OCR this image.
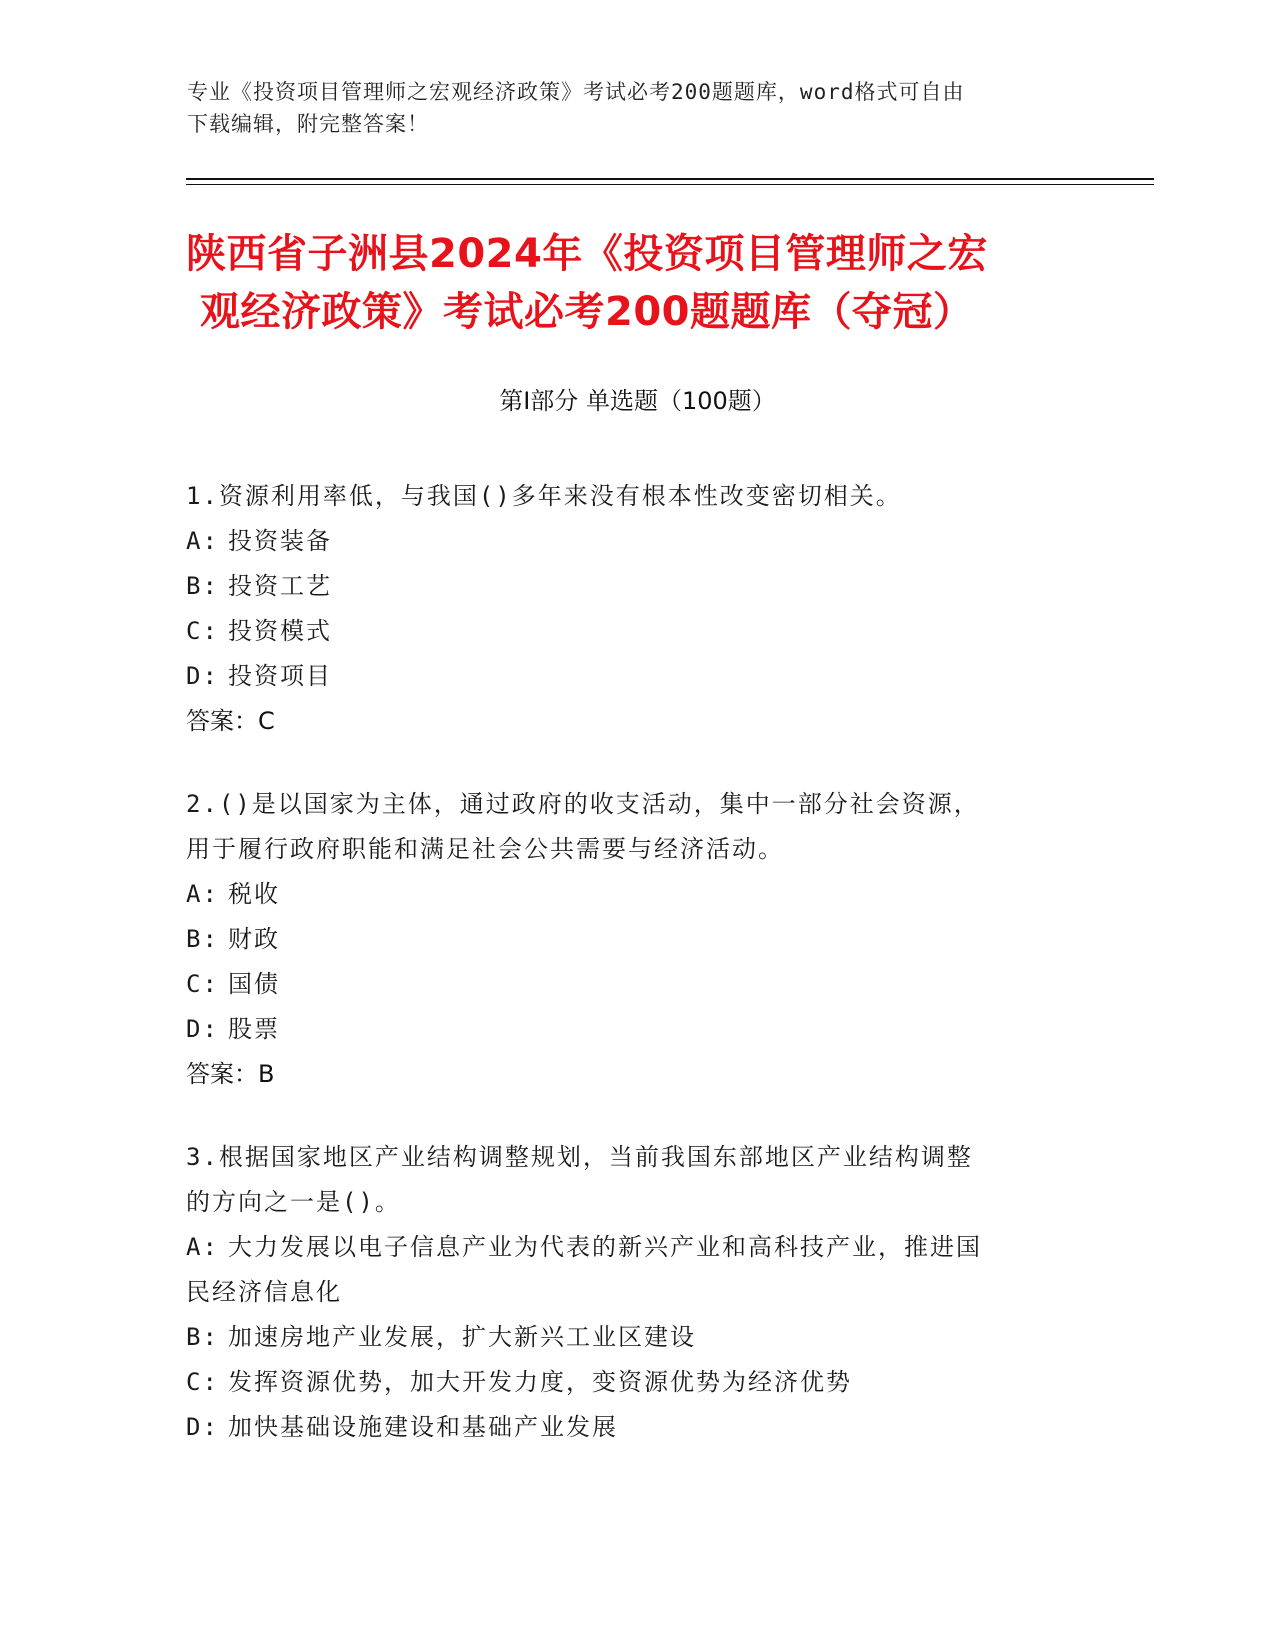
专业《投资项目管理师之宏观经济政策》考试必考200题题库，word格式可自由
下载编辑，附完整答案！
陕西省子洲县2024年《投资项目管理师之宏
观经济政策》考试必考200题题库（夺冠）
第Ⅰ部分 单选题（100题）

1.资源利用率低，与我国()多年来没有根本性改变密切相关。

A: 投资装备

B: 投资工艺

C: 投资模式

D: 投资项目

答案：C

2.()是以国家为主体，通过政府的收支活动，集中一部分社会资源，

用于履行政府职能和满足社会公共需要与经济活动。

A: 税收

B: 财政

C: 国债

D: 股票

答案：B

3.根据国家地区产业结构调整规划，当前我国东部地区产业结构调整

的方向之一是()。

A: 大力发展以电子信息产业为代表的新兴产业和高科技产业，推进国

民经济信息化

B: 加速房地产业发展，扩大新兴工业区建设

C: 发挥资源优势，加大开发力度，变资源优势为经济优势

D: 加快基础设施建设和基础产业发展
